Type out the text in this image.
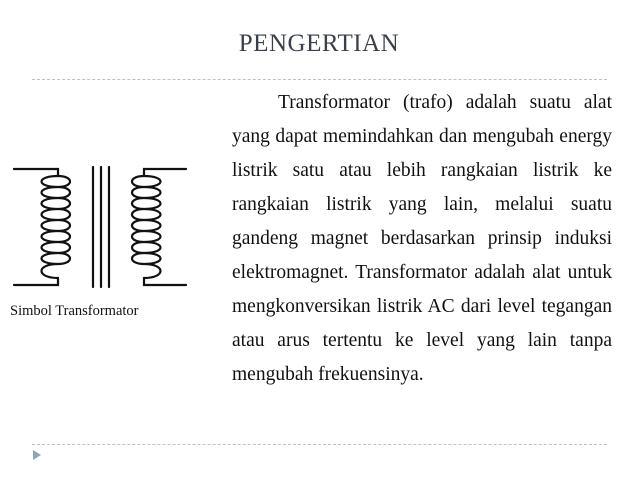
PENGERTIAN
Simbol Transformator

Transformator (trafo) adalah suatu alat yang dapat memindahkan dan mengubah energy listrik satu atau lebih rangkaian listrik ke rangkaian listrik yang lain, melalui suatu gandeng magnet berdasarkan prinsip induksi elektromagnet. Transformator adalah alat untuk mengkonversikan listrik AC dari level tegangan atau arus tertentu ke level yang lain tanpa mengubah frekuensinya.
